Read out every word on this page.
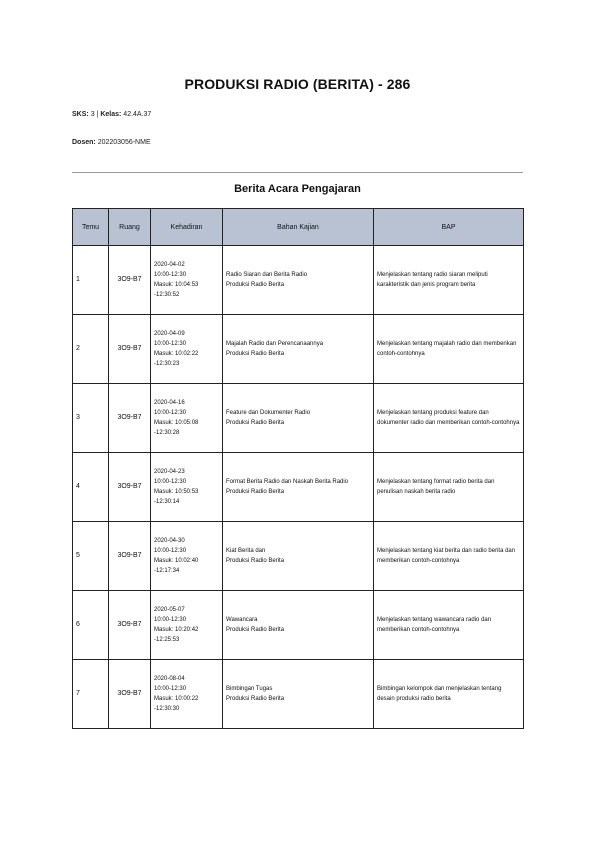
PRODUKSI RADIO (BERITA) - 286
SKS: 3 | Kelas: 42.4A.37
Dosen: 202203056-NME
Berita Acara Pengajaran
Temu	Ruang	Kehadiran	Bahan Kajian	BAP
1	3O9-B7	2020-04-02
10:00-12:30
Masuk: 10:04:53
-12:30:52	Radio Siaran dan Berita Radio
Produksi Radio Berita	Menjelaskan tentang radio siaran meliputi karakteristik dan jenis program berita
2	3O9-B7	2020-04-09
10:00-12:30
Masuk: 10:02:22
-12:30:23	Majalah Radio dan Perencanaannya
Produksi Radio Berita	Menjelaskan tentang majalah radio dan memberikan contoh-contohnya
3	3O9-B7	2020-04-16
10:00-12:30
Masuk: 10:05:08
-12:30:28	Feature dan Dokumenter Radio
Produksi Radio Berita	Menjelaskan tentang produksi feature dan dokumenter radio dan memberikan contoh-contohnya
4	3O9-B7	2020-04-23
10:00-12:30
Masuk: 10:50:53
-12:30:14	Format Berita Radio dan Naskah Berita Radio
Produksi Radio Berita	Menjelaskan tentang format radio berita dan penulisan naskah berita radio
5	3O9-B7	2020-04-30
10:00-12:30
Masuk: 10:02:40
-12:17:34	Kiat Berita dan
Produksi Radio Berita	Menjelaskan tentang kiat berita dan radio berita dan memberikan contoh-contohnya
6	3O9-B7	2020-05-07
10:00-12:30
Masuk: 10:20:42
-12:25:53	Wawancara
Produksi Radio Berita	Menjelaskan tentang wawancara radio dan memberikan contoh-contohnya
7	3O9-B7	2020-08-04
10:00-12:30
Masuk: 10:00:22
-12:30:30	Bimbingan Tugas
Produksi Radio Berita	Bimbingan kelompok dan menjelaskan tentang desain produksi radio berita
